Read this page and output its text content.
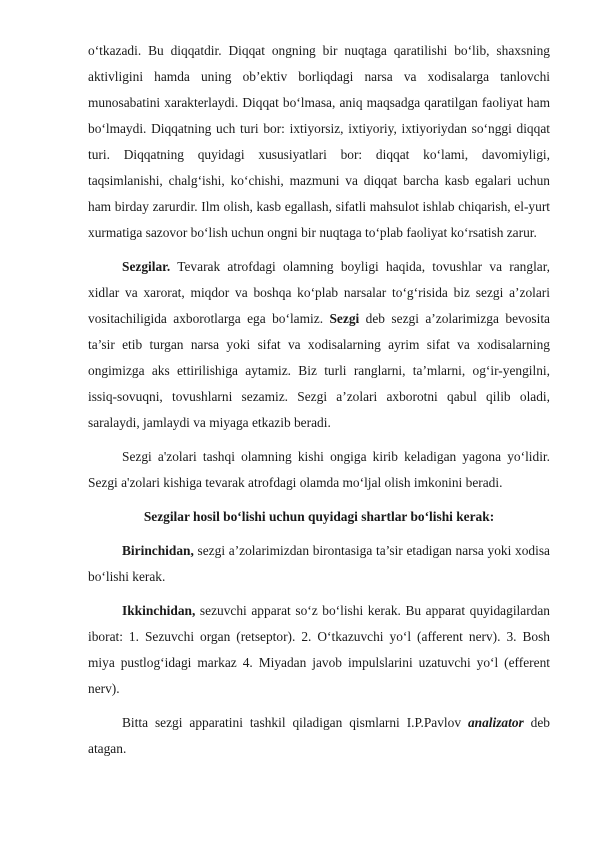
o‘tkazadi. Bu diqqatdir. Diqqat ongning bir nuqtaga qaratilishi bo‘lib, shaxsning aktivligini hamda uning ob’ektiv borliqdagi narsa va xodisalarga tanlovchi munosabatini xarakterlaydi. Diqqat bo‘lmasa, aniq maqsadga qaratilgan faoliyat ham bo‘lmaydi. Diqqatning uch turi bor: ixtiyorsiz, ixtiyoriy, ixtiyoriydan so‘nggi diqqat turi. Diqqatning quyidagi xususiyatlari bor: diqqat ko‘lami, davomiyligi, taqsimlanishi, chalg‘ishi, ko‘chishi, mazmuni va diqqat barcha kasb egalari uchun ham birday zarurdir. Ilm olish, kasb egallash, sifatli mahsulot ishlab chiqarish, el-yurt xurmatiga sazovor bo‘lish uchun ongni bir nuqtaga to‘plab faoliyat ko‘rsatish zarur.

Sezgilar. Tevarak atrofdagi olamning boyligi haqida, tovushlar va ranglar, xidlar va xarorat, miqdor va boshqa ko‘plab narsalar to‘g‘risida biz sezgi a’zolari vositachiligida axborotlarga ega bo‘lamiz. Sezgi deb sezgi a’zolarimizga bevosita ta’sir etib turgan narsa yoki sifat va xodisalarning ayrim sifat va xodisalarning ongimizga aks ettirilishiga aytamiz. Biz turli ranglarni, ta’mlarni, og‘ir-yengilni, issiq-sovuqni, tovushlarni sezamiz. Sezgi a’zolari axborotni qabul qilib oladi, saralaydi, jamlaydi va miyaga etkazib beradi.

Sezgi a'zolari tashqi olamning kishi ongiga kirib keladigan yagona yo‘lidir. Sezgi a'zolari kishiga tevarak atrofdagi olamda mo‘ljal olish imkonini beradi.

Sezgilar hosil bo‘lishi uchun quyidagi shartlar bo‘lishi kerak:

Birinchidan, sezgi a’zolarimizdan birontasiga ta’sir etadigan narsa yoki xodisa bo‘lishi kerak.

Ikkinchidan, sezuvchi apparat so‘z bo‘lishi kerak. Bu apparat quyidagilardan iborat: 1. Sezuvchi organ (retseptor). 2. O‘tkazuvchi yo‘l (afferent nerv). 3. Bosh miya pustlog‘idagi markaz 4. Miyadan javob impulslarini uzatuvchi yo‘l (efferent nerv).

Bitta sezgi apparatini tashkil qiladigan qismlarni I.P.Pavlov analizator deb atagan.
